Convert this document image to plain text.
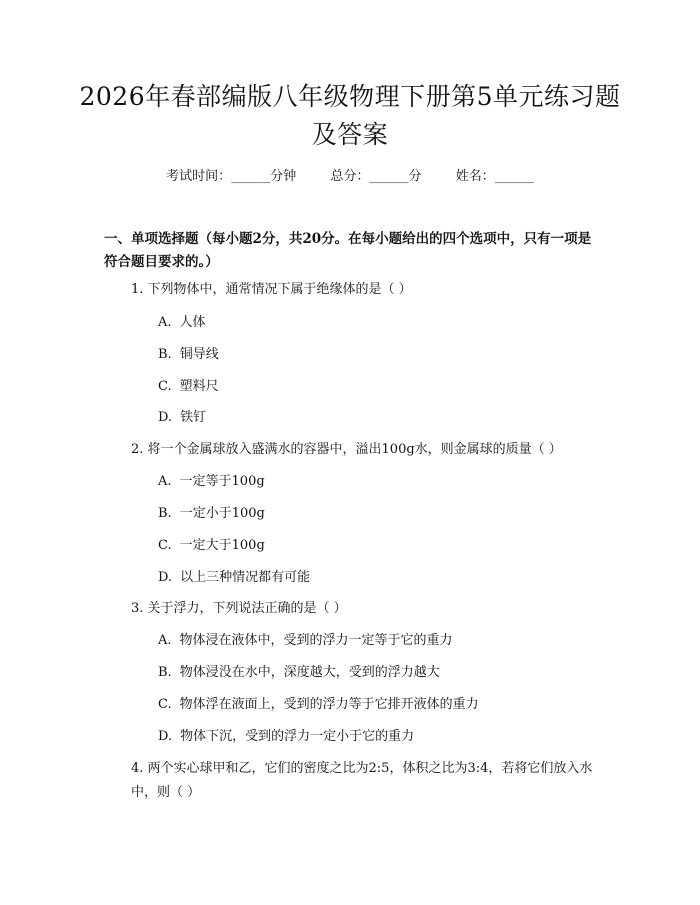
2026年春部编版八年级物理下册第5单元练习题及答案
考试时间：______分钟	总分：______分	姓名：______
一、单项选择题（每小题2分，共20分。在每小题给出的四个选项中，只有一项是符合题目要求的。）
1. 下列物体中，通常情况下属于绝缘体的是（ ）
A. 人体
B. 铜导线
C. 塑料尺
D. 铁钉
2. 将一个金属球放入盛满水的容器中，溢出100g水，则金属球的质量（ ）
A. 一定等于100g
B. 一定小于100g
C. 一定大于100g
D. 以上三种情况都有可能
3. 关于浮力，下列说法正确的是（ ）
A. 物体浸在液体中，受到的浮力一定等于它的重力
B. 物体浸没在水中，深度越大，受到的浮力越大
C. 物体浮在液面上，受到的浮力等于它排开液体的重力
D. 物体下沉，受到的浮力一定小于它的重力
4. 两个实心球甲和乙，它们的密度之比为2:5，体积之比为3:4，若将它们放入水中，则（ ）
